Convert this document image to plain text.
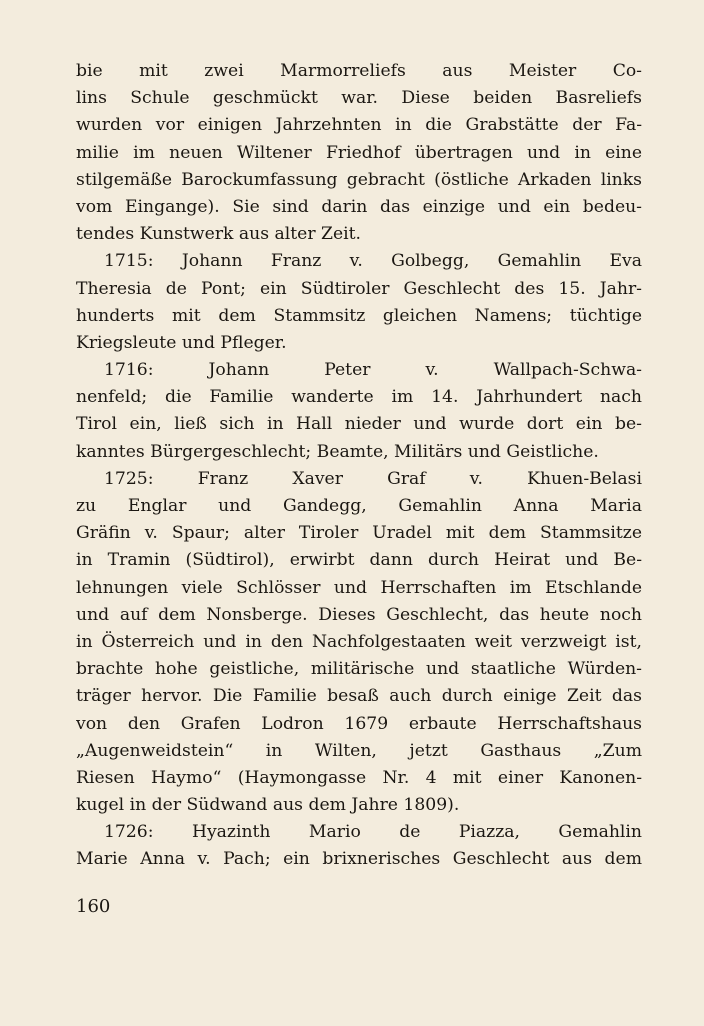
bie mit zwei Marmorreliefs aus Meister Co-
lins Schule geschmückt war. Diese beiden Basreliefs
wurden vor einigen Jahrzehnten in die Grabstätte der Fa-
milie im neuen Wiltener Friedhof übertragen und in eine
stilgemäße Barockumfassung gebracht (östliche Arkaden links
vom Eingange). Sie sind darin das einzige und ein bedeu-
tendes Kunstwerk aus alter Zeit.
1715: Johann Franz v. Golbegg, Gemahlin Eva
Theresia de Pont; ein Südtiroler Geschlecht des 15. Jahr-
hunderts mit dem Stammsitz gleichen Namens; tüchtige
Kriegsleute und Pfleger.
1716: Johann Peter v. Wallpach-Schwa-
nenfeld; die Familie wanderte im 14. Jahrhundert nach
Tirol ein, ließ sich in Hall nieder und wurde dort ein be-
kanntes Bürgergeschlecht; Beamte, Militärs und Geistliche.
1725: Franz Xaver Graf v. Khuen-Belasi
zu Englar und Gandegg, Gemahlin Anna Maria
Gräfin v. Spaur; alter Tiroler Uradel mit dem Stammsitze
in Tramin (Südtirol), erwirbt dann durch Heirat und Be-
lehnungen viele Schlösser und Herrschaften im Etschlande
und auf dem Nonsberge. Dieses Geschlecht, das heute noch
in Österreich und in den Nachfolgestaaten weit verzweigt ist,
brachte hohe geistliche, militärische und staatliche Würden-
träger hervor. Die Familie besaß auch durch einige Zeit das
von den Grafen Lodron 1679 erbaute Herrschaftshaus
„Augenweidstein“ in Wilten, jetzt Gasthaus „Zum
Riesen Haymo“ (Haymongasse Nr. 4 mit einer Kanonen-
kugel in der Südwand aus dem Jahre 1809).
1726: Hyazinth Mario de Piazza, Gemahlin
Marie Anna v. Pach; ein brixnerisches Geschlecht aus dem
160
